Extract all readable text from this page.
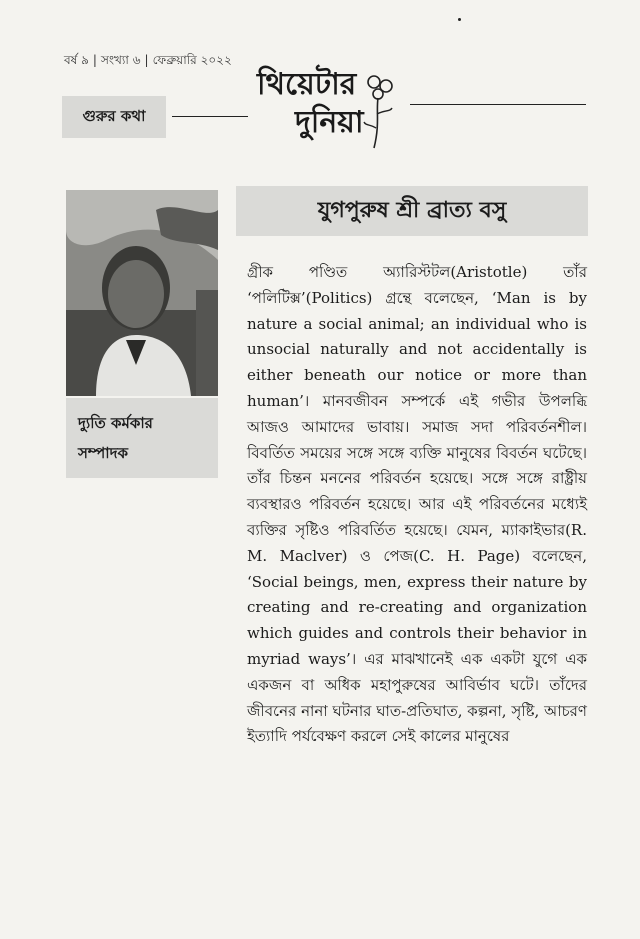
বর্ষ ৯ | সংখ্যা ৬ | ফেব্রুয়ারি ২০২২
গুরুর কথা
থিয়েটার
দুনিয়া
দ্যুতি কর্মকার
সম্পাদক
যুগপুরুষ শ্রী ব্রাত্য বসু

গ্রীক পণ্ডিত অ্যারিস্টটল(Aristotle) তাঁর ‘পলিটিক্স’(Politics) গ্রন্থে বলেছেন, ‘Man is by nature a social animal; an individual who is unsocial naturally and not accidentally is either beneath our notice or more than human’। মানবজীবন সম্পর্কে এই গভীর উপলব্ধি আজও আমাদের ভাবায়। সমাজ সদা পরিবর্তনশীল। বিবর্তিত সময়ের সঙ্গে সঙ্গে ব্যক্তি মানুষের বিবর্তন ঘটেছে। তাঁর চিন্তন মননের পরিবর্তন হয়েছে। সঙ্গে সঙ্গে রাষ্ট্রীয় ব্যবস্থারও পরিবর্তন হয়েছে। আর এই পরিবর্তনের মধ্যেই ব্যক্তির সৃষ্টিও পরিবর্তিত হয়েছে। যেমন, ম্যাকাইভার(R. M. Maclver) ও পেজ(C. H. Page) বলেছেন, ‘Social beings, men, express their nature by creating and re-creating and organization which guides and controls their behavior in myriad ways’। এর মাঝখানেই এক একটা যুগে এক একজন বা অধিক মহাপুরুষের আবির্ভাব ঘটে। তাঁদের জীবনের নানা ঘটনার ঘাত-প্রতিঘাত, কল্পনা, সৃষ্টি, আচরণ ইত্যাদি পর্যবেক্ষণ করলে সেই কালের মানুষের
